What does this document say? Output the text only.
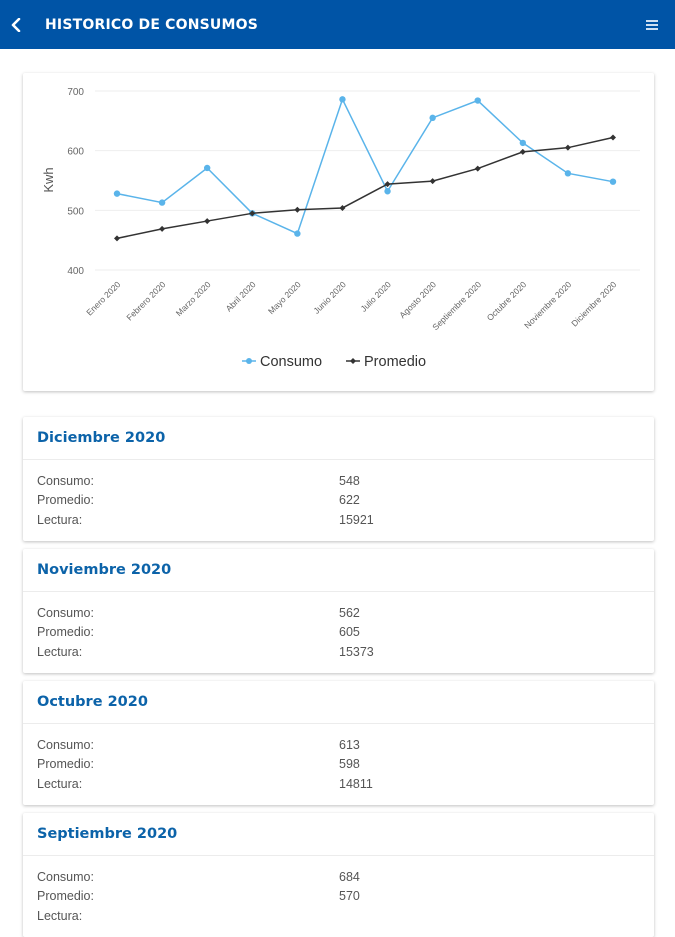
HISTORICO DE CONSUMOS
400
500
600
700
Kwh
Enero 2020 Febrero 2020 Marzo 2020 Abril 2020 Mayo 2020 Junio 2020 Julio 2020 Agosto 2020
Septiembre 2020 Octubre 2020
Noviembre 2020
Diciembre 2020
Consumo	Promedio
Diciembre 2020
Consumo:	548
Promedio:	622
Lectura:	15921
Noviembre 2020
Consumo:	562
Promedio:	605
Lectura:	15373
Octubre 2020
Consumo:	613
Promedio:	598
Lectura:	14811
Septiembre 2020
Consumo:	684
Promedio:	570
Lectura:
